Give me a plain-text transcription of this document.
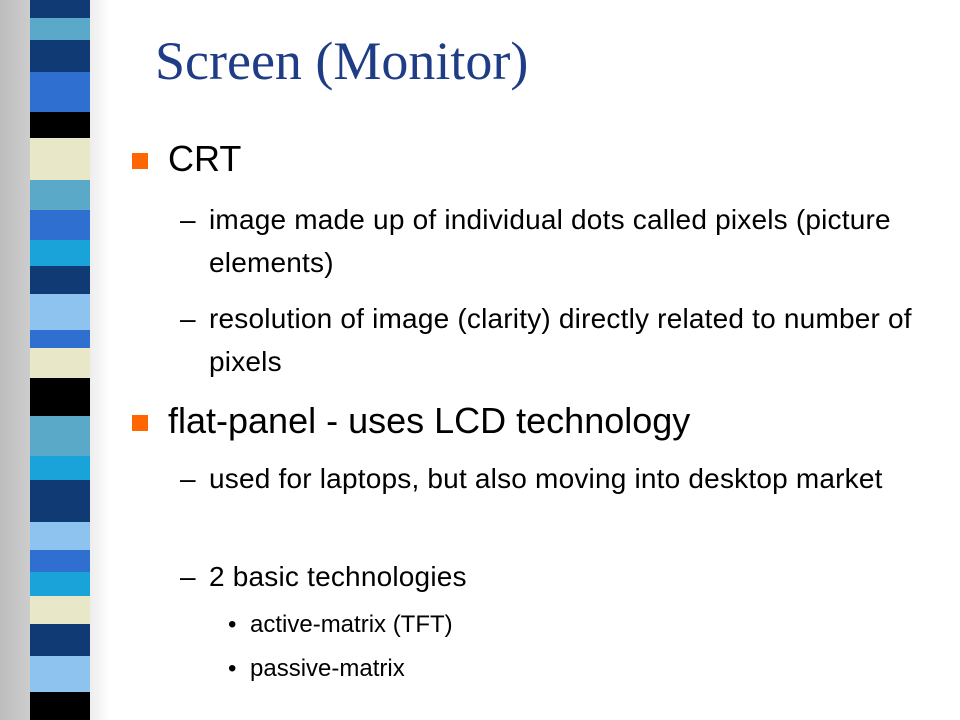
Screen (Monitor)
CRT
– image made up of individual dots called pixels (picture elements)
– resolution of image (clarity) directly related to number of pixels
flat-panel - uses LCD technology
– used for laptops, but also moving into desktop market
– 2 basic technologies
• active-matrix (TFT)
• passive-matrix
